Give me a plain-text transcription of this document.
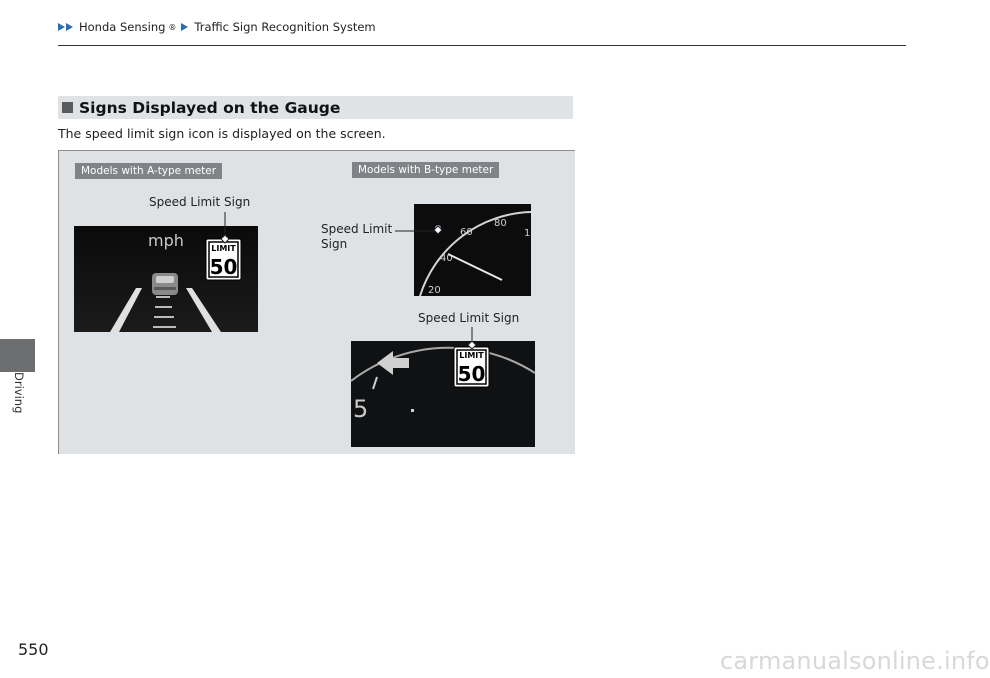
Honda Sensing ® Traffic Sign Recognition System
Driving
550
Signs Displayed on the Gauge
The speed limit sign icon is displayed on the screen.
Models with A-type meter	Models with B-type meter
Speed Limit Sign
Speed Limit
Sign
Speed Limit Sign
mph	LIMIT
50
20
40
60
80
1
5
LIMIT
50
carmanualsonline.info
